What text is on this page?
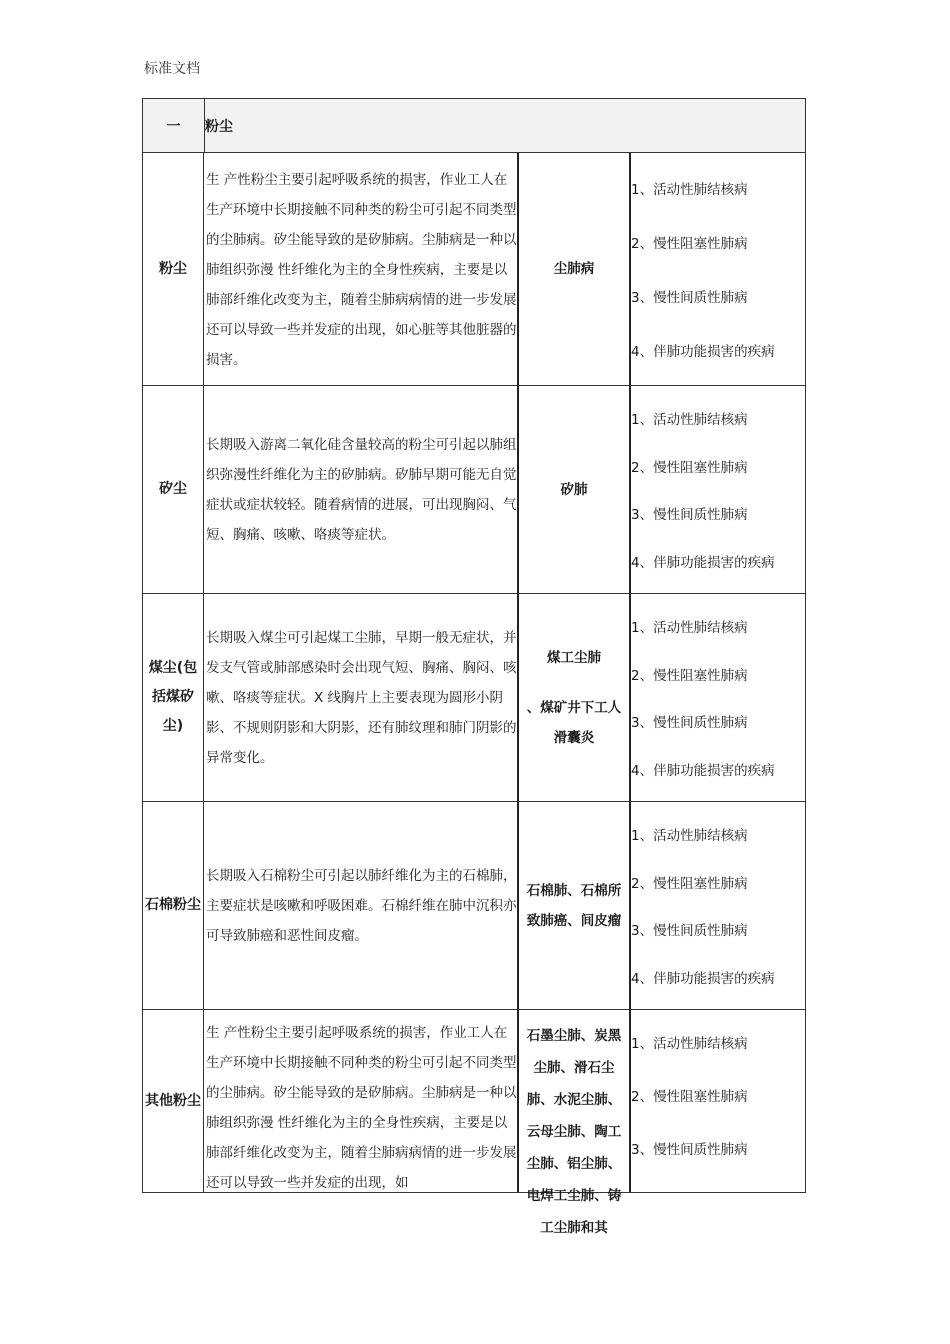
标准文档
一	粉尘
粉尘
生 产性粉尘主要引起呼吸系统的损害，作业工人在生产环境中长期接触不同种类的粉尘可引起不同类型的尘肺病。矽尘能导致的是矽肺病。尘肺病是一种以肺组织弥漫 性纤维化为主的全身性疾病，主要是以肺部纤维化改变为主，随着尘肺病病情的进一步发展还可以导致一些并发症的出现，如心脏等其他脏器的损害。
尘肺病
1、活动性肺结核病
2、慢性阻塞性肺病
3、慢性间质性肺病
4、伴肺功能损害的疾病
矽尘
长期吸入游离二氧化硅含量较高的粉尘可引起以肺组织弥漫性纤维化为主的矽肺病。矽肺早期可能无自觉症状或症状较轻。随着病情的进展，可出现胸闷、气短、胸痛、咳嗽、咯痰等症状。
矽肺
1、活动性肺结核病
2、慢性阻塞性肺病
3、慢性间质性肺病
4、伴肺功能损害的疾病
煤尘(包括煤矽尘)
长期吸入煤尘可引起煤工尘肺，早期一般无症状，并发支气管或肺部感染时会出现气短、胸痛、胸闷、咳嗽、咯痰等症状。X 线胸片上主要表现为圆形小阴影、不规则阴影和大阴影，还有肺纹理和肺门阴影的异常变化。
煤工尘肺
、煤矿井下工人滑囊炎
1、活动性肺结核病
2、慢性阻塞性肺病
3、慢性间质性肺病
4、伴肺功能损害的疾病
石棉粉尘
长期吸入石棉粉尘可引起以肺纤维化为主的石棉肺，主要症状是咳嗽和呼吸困难。石棉纤维在肺中沉积亦可导致肺癌和恶性间皮瘤。
石棉肺、石棉所致肺癌、间皮瘤
1、活动性肺结核病
2、慢性阻塞性肺病
3、慢性间质性肺病
4、伴肺功能损害的疾病
其他粉尘
生 产性粉尘主要引起呼吸系统的损害，作业工人在生产环境中长期接触不同种类的粉尘可引起不同类型的尘肺病。矽尘能导致的是矽肺病。尘肺病是一种以肺组织弥漫 性纤维化为主的全身性疾病，主要是以肺部纤维化改变为主，随着尘肺病病情的进一步发展还可以导致一些并发症的出现，如
石墨尘肺、炭黑尘肺、滑石尘肺、水泥尘肺、云母尘肺、陶工尘肺、铝尘肺、电焊工尘肺、铸工尘肺和其
1、活动性肺结核病
2、慢性阻塞性肺病
3、慢性间质性肺病
